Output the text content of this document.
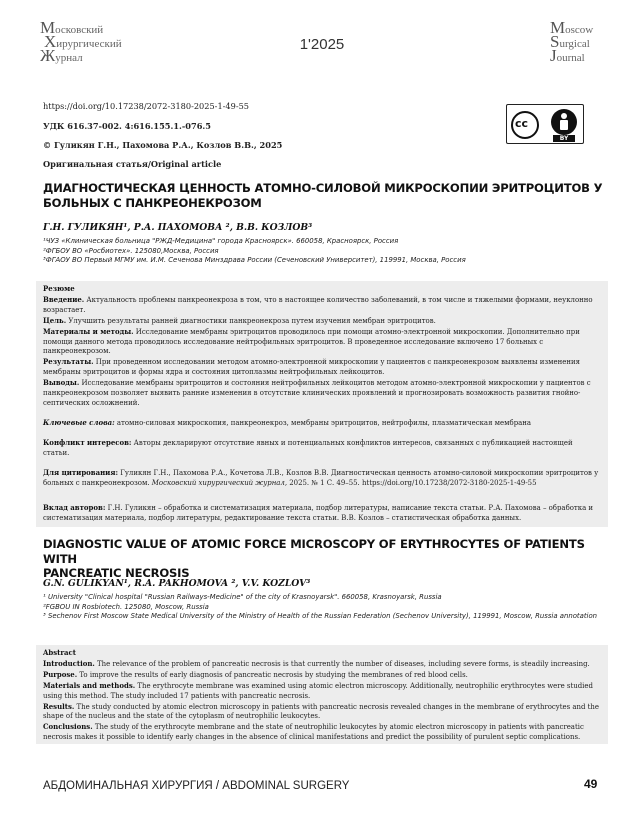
Московский
Хирургический
Журнал
1'2025
Moscow
Surgical
Journal
https://doi.org/10.17238/2072-3180-2025-1-49-55
УДК 616.37-002. 4:616.155.1.-076.5
© Гуликян Г.Н., Пахомова Р.А., Козлов В.В., 2025
Оригинальная статья/Original article
cc
BY
ДИАГНОСТИЧЕСКАЯ ЦЕННОСТЬ АТОМНО-СИЛОВОЙ МИКРОСКОПИИ ЭРИТРОЦИТОВ У
БОЛЬНЫХ С ПАНКРЕОНЕКРОЗОМ
Г.Н. ГУЛИКЯН¹, Р.А. ПАХОМОВА ², В.В. КОЗЛОВ³
¹ЧУЗ «Клиническая больница "РЖД-Медицина" города Красноярск». 660058, Красноярск, Россия
²ФГБОУ ВО «Росбиотех». 125080,Москва, Россия
³ФГАОУ ВО Первый МГМУ им. И.М. Сеченова Минздрава России (Сеченовский Университет), 119991, Москва, Россия

Резюме

Введение. Актуальность проблемы панкреонекроза в том, что в настоящее количество заболеваний, в том числе и тяжелыми формами, неуклонно возрастает.

Цель. Улучшить результаты ранней диагностики панкреонекроза путем изучения мембран эритроцитов.

Материалы и методы. Исследование мембраны эритроцитов проводилось при помощи атомно-электронной микроскопии. Дополнительно при помощи данного метода проводилось исследование нейтрофильных эритроцитов. В проведенное исследование включено 17 больных с панкреонекрозом.

Результаты. При проведенном исследовании методом атомно-электронной микроскопии у пациентов с панкреонекрозом выявлены изменения мембраны эритроцитов и формы ядра и состояния цитоплазмы нейтрофильных лейкоцитов.

Выводы. Исследование мембраны эритроцитов и состояния нейтрофильных лейкоцитов методом атомно-электронной микроскопии у пациентов с панкреонекрозом позволяет выявить ранние изменения в отсутствие клинических проявлений и прогнозировать возможность развития гнойно-септических осложнений.

Ключевые слова: атомно-силовая микроскопия, панкреонекроз, мембраны эритроцитов, нейтрофилы, плазматическая мембрана

Конфликт интересов: Авторы декларируют отсутствие явных и потенциальных конфликтов интересов, связанных с публикацией настоящей статьи.

Для цитирования: Гуликян Г.Н., Пахомова Р.А., Кочетова Л.В., Козлов В.В. Диагностическая ценность атомно-силовой микроскопии эритроцитов у больных с панкреонекрозом. Московский хирургический журнал, 2025. № 1 С. 49–55. https://doi.org/10.17238/2072-3180-2025-1-49-55

Вклад авторов: Г.Н. Гуликян – обработка и систематизация материала, подбор литературы, написание текста статьи. Р.А. Пахомова – обработка и систематизация материала, подбор литературы, редактирование текста статьи. В.В. Козлов – статистическая обработка данных.

DIAGNOSTIC VALUE OF ATOMIC FORCE MICROSCOPY OF ERYTHROCYTES OF PATIENTS WITH
PANCREATIC NECROSIS
G.N. GULIKYAN¹, R.A. PAKHOMOVA ², V.V. KOZLOV³
¹ University "Clinical hospital "Russian Railways-Medicine" of the city of Krasnoyarsk". 660058, Krasnoyarsk, Russia
²FGBOU IN Rosbiotech. 125080, Moscow, Russia
³ Sechenov First Moscow State Medical University of the Ministry of Health of the Russian Federation (Sechenov University), 119991, Moscow, Russia annotation

Abstract

Introduction. The relevance of the problem of pancreatic necrosis is that currently the number of diseases, including severe forms, is steadily increasing.

Purpose. To improve the results of early diagnosis of pancreatic necrosis by studying the membranes of red blood cells.

Materials and methods. The erythrocyte membrane was examined using atomic electron microscopy. Additionally, neutrophilic erythrocytes were studied using this method. The study included 17 patients with pancreatic necrosis.

Results. The study conducted by atomic electron microscopy in patients with pancreatic necrosis revealed changes in the membrane of erythrocytes and the shape of the nucleus and the state of the cytoplasm of neutrophilic leukocytes.

Conclusions. The study of the erythrocyte membrane and the state of neutrophilic leukocytes by atomic electron microscopy in patients with pancreatic necrosis makes it possible to identify early changes in the absence of clinical manifestations and predict the possibility of purulent septic complications.

АБДОМИНАЛЬНАЯ ХИРУРГИЯ / ABDOMINAL SURGERY	49
